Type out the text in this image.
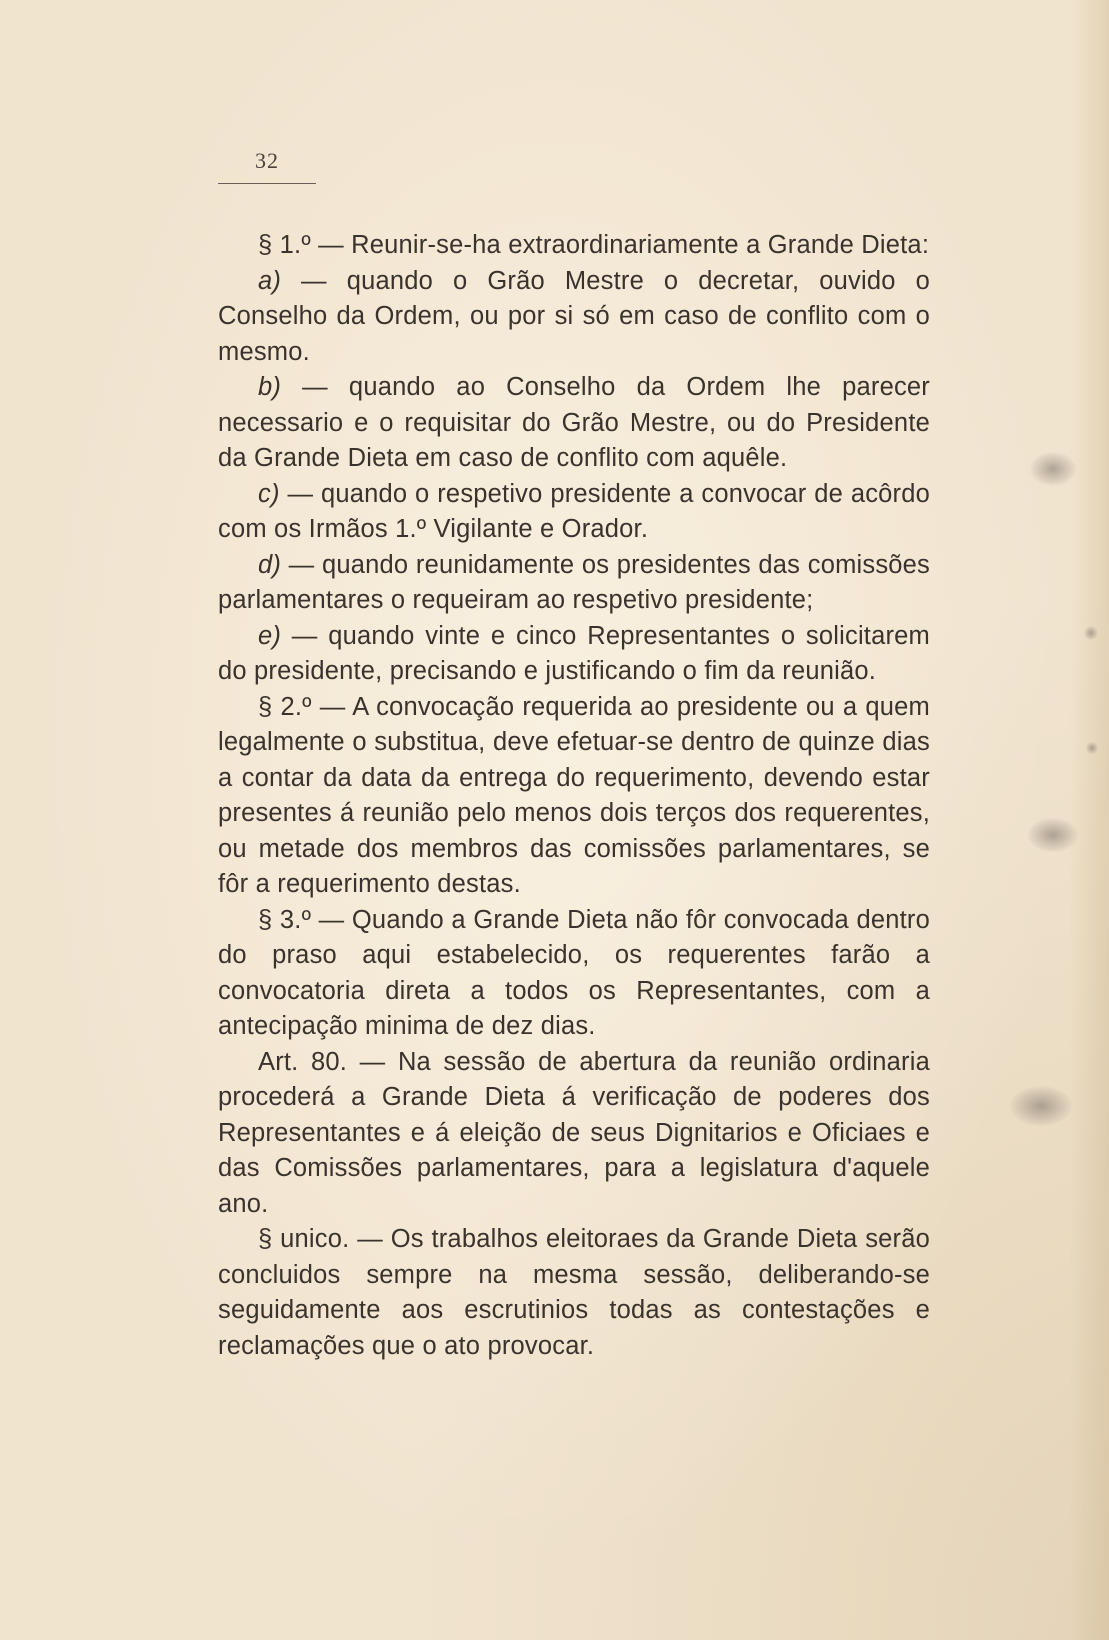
32

§ 1.º — Reunir-se-ha extraordinariamente a Grande Dieta:

a) — quando o Grão Mestre o decretar, ouvido o Conselho da Ordem, ou por si só em caso de conflito com o mesmo.

b) — quando ao Conselho da Ordem lhe parecer necessario e o requisitar do Grão Mestre, ou do Presidente da Grande Dieta em caso de conflito com aquêle.

c) — quando o respetivo presidente a convocar de acôrdo com os Irmãos 1.º Vigilante e Orador.

d) — quando reunidamente os presidentes das comissões parlamentares o requeiram ao respetivo presidente;

e) — quando vinte e cinco Representantes o solicitarem do presidente, precisando e justificando o fim da reunião.

§ 2.º — A convocação requerida ao presidente ou a quem legalmente o substitua, deve efetuar-se dentro de quinze dias a contar da data da entrega do requerimento, devendo estar presentes á reunião pelo menos dois terços dos requerentes, ou metade dos membros das comissões parlamentares, se fôr a requerimento destas.

§ 3.º — Quando a Grande Dieta não fôr convocada dentro do praso aqui estabelecido, os requerentes farão a convocatoria direta a todos os Representantes, com a antecipação minima de dez dias.

Art. 80. — Na sessão de abertura da reunião ordinaria procederá a Grande Dieta á verificação de poderes dos Representantes e á eleição de seus Dignitarios e Oficiaes e das Comissões parlamentares, para a legislatura d'aquele ano.

§ unico. — Os trabalhos eleitoraes da Grande Dieta serão concluidos sempre na mesma sessão, deliberando-se seguidamente aos escrutinios todas as contestações e reclamações que o ato provocar.
